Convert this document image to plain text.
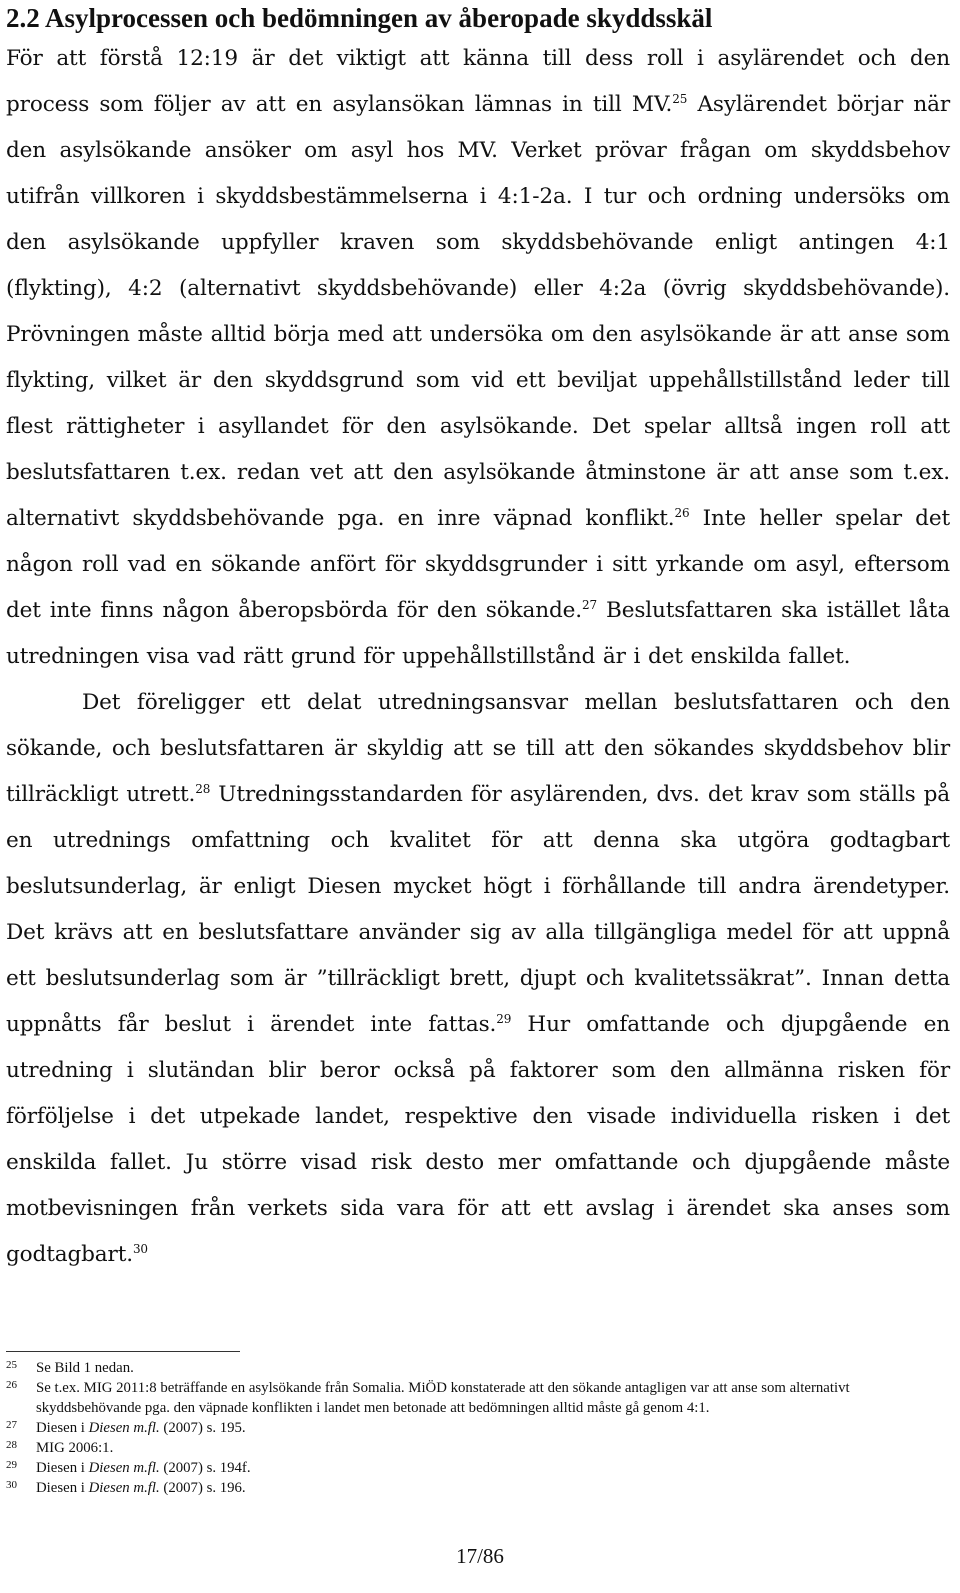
2.2 Asylprocessen och bedömningen av åberopade skyddsskäl

För att förstå 12:19 är det viktigt att känna till dess roll i asylärendet och den process som följer av att en asylansökan lämnas in till MV.$^{25}$ Asylärendet börjar när den asylsökande ansöker om asyl hos MV. Verket prövar frågan om skyddsbehov utifrån villkoren i skyddsbestämmelserna i 4:1-2a. I tur och ordning undersöks om den asylsökande uppfyller kraven som skyddsbehövande enligt antingen 4:1 (flykting), 4:2 (alternativt skyddsbehövande) eller 4:2a (övrig skyddsbehövande). Prövningen måste alltid börja med att undersöka om den asylsökande är att anse som flykting, vilket är den skyddsgrund som vid ett beviljat uppehållstillstånd leder till flest rättigheter i asyllandet för den asylsökande. Det spelar alltså ingen roll att beslutsfattaren t.ex. redan vet att den asylsökande åtminstone är att anse som t.ex. alternativt skyddsbehövande pga. en inre väpnad konflikt.$^{26}$ Inte heller spelar det någon roll vad en sökande anfört för skyddsgrunder i sitt yrkande om asyl, eftersom det inte finns någon åberopsbörda för den sökande.$^{27}$ Beslutsfattaren ska istället låta utredningen visa vad rätt grund för uppehållstillstånd är i det enskilda fallet.

Det föreligger ett delat utredningsansvar mellan beslutsfattaren och den sökande, och beslutsfattaren är skyldig att se till att den sökandes skyddsbehov blir tillräckligt utrett.$^{28}$ Utredningsstandarden för asylärenden, dvs. det krav som ställs på en utrednings omfattning och kvalitet för att denna ska utgöra godtagbart beslutsunderlag, är enligt Diesen mycket högt i förhållande till andra ärendetyper. Det krävs att en beslutsfattare använder sig av alla tillgängliga medel för att uppnå ett beslutsunderlag som är ”tillräckligt brett, djupt och kvalitetssäkrat”. Innan detta uppnåtts får beslut i ärendet inte fattas.$^{29}$ Hur omfattande och djupgående en utredning i slutändan blir beror också på faktorer som den allmänna risken för förföljelse i det utpekade landet, respektive den visade individuella risken i det enskilda fallet. Ju större visad risk desto mer omfattande och djupgående måste motbevisningen från verkets sida vara för att ett avslag i ärendet ska anses som godtagbart.$^{30}$

25	Se Bild 1 nedan.
26	Se t.ex. MIG 2011:8 beträffande en asylsökande från Somalia. MiÖD konstaterade att den sökande antagligen var att anse som alternativt skyddsbehövande pga. den väpnade konflikten i landet men betonade att bedömningen alltid måste gå genom 4:1.
27	Diesen i Diesen m.fl. (2007) s. 195.
28	MIG 2006:1.
29	Diesen i Diesen m.fl. (2007) s. 194f.
30	Diesen i Diesen m.fl. (2007) s. 196.
17/86
